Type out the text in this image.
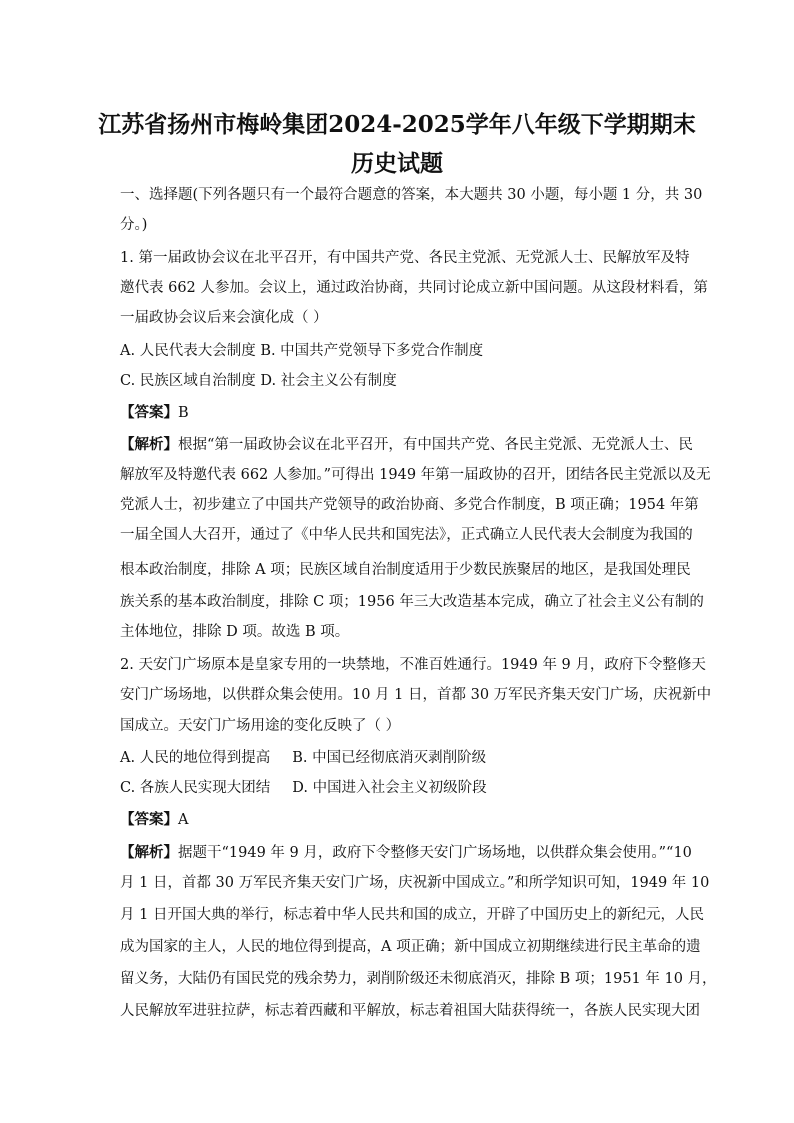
江苏省扬州市梅岭集团2024-2025学年八年级下学期期末
历史试题
一、选择题(下列各题只有一个最符合题意的答案，本大题共 30 小题，每小题 1 分，共 30
分。)
1. 第一届政协会议在北平召开，有中国共产党、各民主党派、无党派人士、民解放军及特
邀代表 662 人参加。会议上，通过政治协商，共同讨论成立新中国问题。从这段材料看，第
一届政协会议后来会演化成（ ）
A. 人民代表大会制度 B. 中国共产党领导下多党合作制度
C. 民族区域自治制度 D. 社会主义公有制度
【答案】B
【解析】根据“第一届政协会议在北平召开，有中国共产党、各民主党派、无党派人士、民
解放军及特邀代表 662 人参加。”可得出 1949 年第一届政协的召开，团结各民主党派以及无
党派人士，初步建立了中国共产党领导的政治协商、多党合作制度，B 项正确；1954 年第
一届全国人大召开，通过了《中华人民共和国宪法》，正式确立人民代表大会制度为我国的
根本政治制度，排除 A 项；民族区域自治制度适用于少数民族聚居的地区，是我国处理民
族关系的基本政治制度，排除 C 项；1956 年三大改造基本完成，确立了社会主义公有制的
主体地位，排除 D 项。故选 B 项。
2. 天安门广场原本是皇家专用的一块禁地，不准百姓通行。1949 年 9 月，政府下令整修天
安门广场场地，以供群众集会使用。10 月 1 日，首都 30 万军民齐集天安门广场，庆祝新中
国成立。天安门广场用途的变化反映了（ ）
A. 人民的地位得到提高 B. 中国已经彻底消灭剥削阶级
C. 各族人民实现大团结 D. 中国进入社会主义初级阶段
【答案】A
【解析】据题干“1949 年 9 月，政府下令整修天安门广场场地，以供群众集会使用。”“10
月 1 日，首都 30 万军民齐集天安门广场，庆祝新中国成立。”和所学知识可知，1949 年 10
月 1 日开国大典的举行，标志着中华人民共和国的成立，开辟了中国历史上的新纪元，人民
成为国家的主人，人民的地位得到提高，A 项正确；新中国成立初期继续进行民主革命的遗
留义务，大陆仍有国民党的残余势力，剥削阶级还未彻底消灭，排除 B 项；1951 年 10 月，
人民解放军进驻拉萨，标志着西藏和平解放，标志着祖国大陆获得统一，各族人民实现大团
